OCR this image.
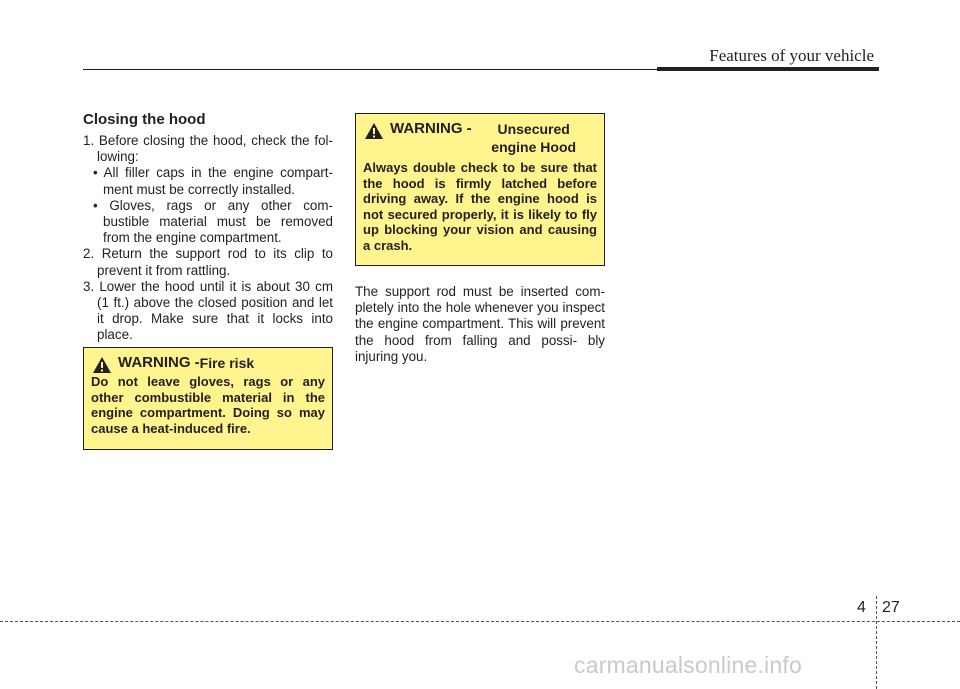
Features of your vehicle
Closing the hood
1. Before closing the hood, check the fol- lowing:
• All filler caps in the engine compart- ment must be correctly installed.
• Gloves, rags or any other com- bustible material must be removed from the engine compartment.
2. Return the support rod to its clip to prevent it from rattling.
3. Lower the hood until it is about 30 cm (1 ft.) above the closed position and let it drop. Make sure that it locks into place.
WARNING - Fire risk
Do not leave gloves, rags or any other combustible material in the engine compartment. Doing so may cause a heat-induced fire.
WARNING -	Unsecured engine Hood
Always double check to be sure that the hood is firmly latched before driving away. If the engine hood is not secured properly, it is likely to fly up blocking your vision and causing a crash.
The support rod must be inserted com- pletely into the hole whenever you inspect the engine compartment. This will prevent the hood from falling and possi- bly injuring you.
4 27
carmanualsonline.info
